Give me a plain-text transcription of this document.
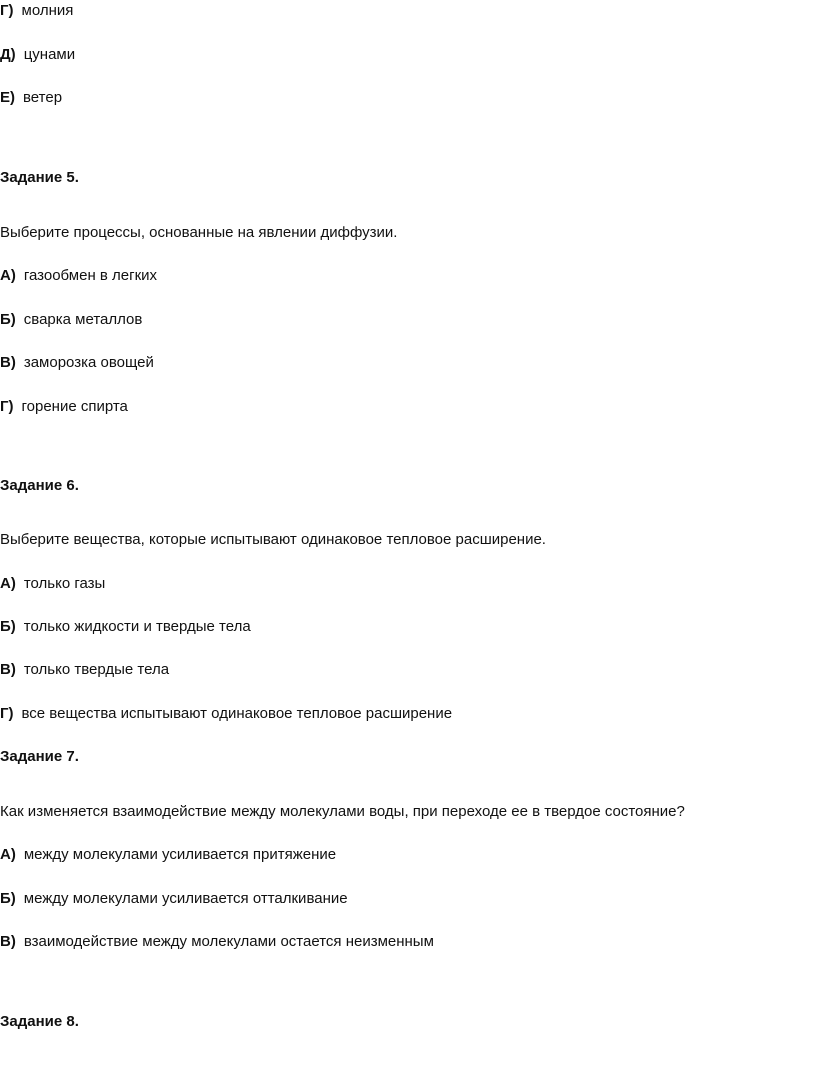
Г) молния
Д) цунами
Е) ветер
Задание 5.
Выберите процессы, основанные на явлении диффузии.
А) газообмен в легких
Б) сварка металлов
В) заморозка овощей
Г) горение спирта
Задание 6.
Выберите вещества, которые испытывают одинаковое тепловое расширение.
А) только газы
Б) только жидкости и твердые тела
В) только твердые тела
Г) все вещества испытывают одинаковое тепловое расширение
Задание 7.
Как изменяется взаимодействие между молекулами воды, при переходе ее в твердое состояние?
А) между молекулами усиливается притяжение
Б) между молекулами усиливается отталкивание
В) взаимодействие между молекулами остается неизменным
Задание 8.
